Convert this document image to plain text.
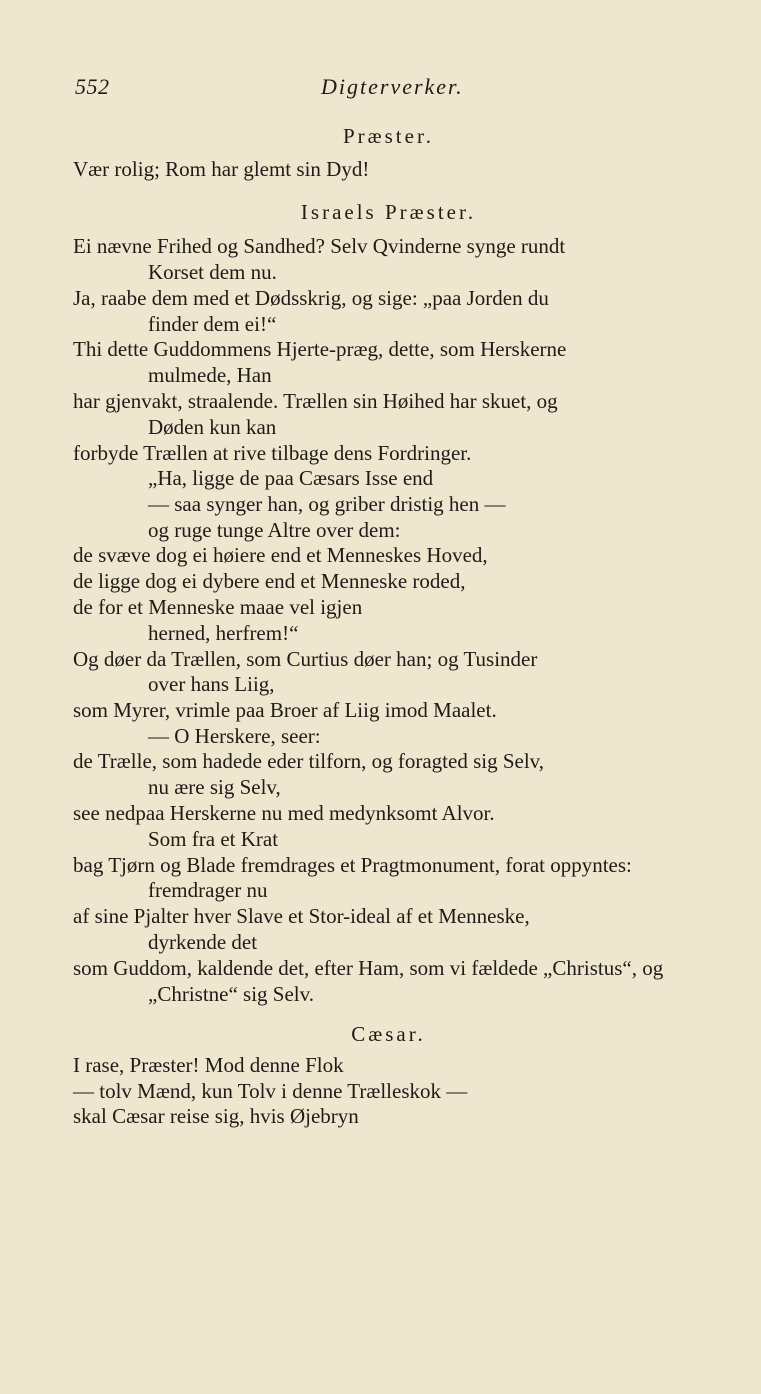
552	Digterverker.
Præster.
Vær rolig; Rom har glemt sin Dyd!
Israels Præster.
Ei nævne Frihed og Sandhed? Selv Qvinderne synge rundt
Korset dem nu.
Ja, raabe dem med et Dødsskrig, og sige: „paa Jorden du
finder dem ei!“
Thi dette Guddommens Hjerte-præg, dette, som Herskerne
mulmede, Han
har gjenvakt, straalende. Trællen sin Høihed har skuet, og
Døden kun kan
forbyde Trællen at rive tilbage dens Fordringer.
„Ha, ligge de paa Cæsars Isse end
— saa synger han, og griber dristig hen —
og ruge tunge Altre over dem:
de svæve dog ei høiere end et Menneskes Hoved,
de ligge dog ei dybere end et Menneske roded,
de for et Menneske maae vel igjen
herned, herfrem!“
Og døer da Trællen, som Curtius døer han; og Tusinder
over hans Liig,
som Myrer, vrimle paa Broer af Liig imod Maalet.
— O Herskere, seer:
de Trælle, som hadede eder tilforn, og foragted sig Selv,
nu ære sig Selv,
see nedpaa Herskerne nu med medynksomt Alvor.
Som fra et Krat
bag Tjørn og Blade fremdrages et Pragtmonument, forat oppyntes:
fremdrager nu
af sine Pjalter hver Slave et Stor-ideal af et Menneske,
dyrkende det
som Guddom, kaldende det, efter Ham, som vi fældede „Christus“, og
„Christne“ sig Selv.
Cæsar.
I rase, Præster! Mod denne Flok
— tolv Mænd, kun Tolv i denne Trælleskok —
skal Cæsar reise sig, hvis Øjebryn
